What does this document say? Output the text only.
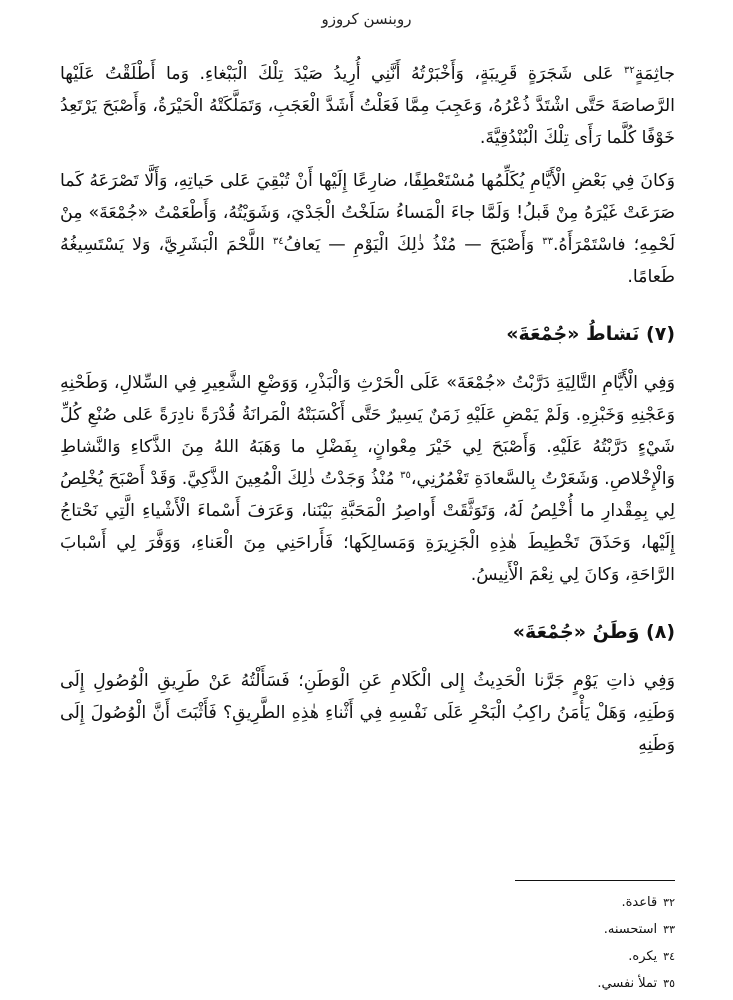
روبنسن كروزو

جاثِمَةٍ$^{٣٢}$ عَلى شَجَرَةٍ قَرِيبَةٍ، وَأَخْبَرْتُهُ أَنَّنِي أُرِيدُ صَيْدَ تِلْكَ الْبَبْغاءِ. وَما أَطْلَقْتُ عَلَيْها الرَّصاصَةَ حَتَّى اشْتَدَّ ذُعْرُهُ، وَعَجِبَ مِمَّا فَعَلْتُ أَشَدَّ الْعَجَبِ، وَتَمَلَّكَتْهُ الْحَيْرَةُ، وَأَصْبَحَ يَرْتَعِدُ خَوْفًا كُلَّما رَأَى تِلْكَ الْبُنْدُقِيَّةَ.

وَكانَ فِي بَعْضِ الْأَيَّامِ يُكَلِّمُها مُسْتَعْطِفًا، ضارِعًا إِلَيْها أَنْ تُبْقِيَ عَلى حَياتِهِ، وَأَلَّا تَصْرَعَهُ كَما صَرَعَتْ غَيْرَهُ مِنْ قَبلُ! وَلَمَّا جاءَ الْمَساءُ سَلَخْتُ الْجَدْيَ، وَشَوَيْتُهُ، وَأَطْعَمْتُ «جُمْعَةَ» مِنْ لَحْمِهِ؛ فاسْتَمْرَأَهُ.$^{٣٣}$ وَأَصْبَحَ — مُنْذُ ذٰلِكَ الْيَوْمِ — يَعافُ$^{٣٤}$ اللَّحْمَ الْبَشَرِيَّ، وَلا يَسْتَسِيغُهُ طَعامًا.

(٧) نَشاطُ «جُمْعَةَ»

وَفِي الْأَيَّامِ التَّالِيَةِ دَرَّبْتُ «جُمْعَةَ» عَلَى الْحَرْثِ وَالْبَذْرِ، وَوَضْعِ الشَّعِيرِ فِي السِّلالِ، وَطَحْنِهِ وَعَجْنِهِ وَخَبْزِهِ. وَلَمْ يَمْضِ عَلَيْهِ زَمَنٌ يَسِيرٌ حَتَّى أَكْسَبَتْهُ الْمَرانَةُ قُدْرَةً نادِرَةً عَلى صُنْعِ كُلِّ شَيْءٍ دَرَّبْتُهُ عَلَيْهِ. وَأَصْبَحَ لِي خَيْرَ مِعْوانٍ، بِفَضْلِ ما وَهَبَهُ اللهُ مِنَ الذَّكاءِ وَالنَّشاطِ وَالْإِخْلاصِ. وَشَعَرْتُ بِالسَّعادَةِ تَغْمُرُنِي،$^{٣٥}$ مُنْذُ وَجَدْتُ ذٰلِكَ الْمُعِينَ الذَّكِيَّ. وَقَدْ أَصْبَحَ يُخْلِصُ لِي بِمِقْدارِ ما أُخْلِصُ لَهُ، وَتَوَثَّقَتْ أَواصِرُ الْمَحَبَّةِ بَيْنَنا، وَعَرَفَ أَسْماءَ الْأَشْياءِ الَّتِي نَحْتاجُ إِلَيْها، وَحَذَقَ تَخْطِيطَ هٰذِهِ الْجَزِيرَةِ وَمَسالِكَها؛ فَأَراحَنِي مِنَ الْعَناءِ، وَوَفَّرَ لِي أَسْبابَ الرَّاحَةِ، وَكانَ لِي نِعْمَ الْأَنِيسُ.

(٨) وَطَنُ «جُمْعَةَ»

وَفِي ذاتِ يَوْمٍ جَرَّنا الْحَدِيثُ إِلى الْكَلامِ عَنِ الْوَطَنِ؛ فَسَأَلْتُهُ عَنْ طَرِيقِ الْوُصُولِ إِلَى وَطَنِهِ، وَهَلْ يَأْمَنُ راكِبُ الْبَحْرِ عَلَى نَفْسِهِ فِي أَثْناءِ هٰذِهِ الطَّرِيقِ؟ فَأَثْبَتَ أَنَّ الْوُصُولَ إِلَى وَطَنِهِ

٣٢قاعدة.

٣٣استحسنه.

٣٤يكره.

٣٥تملأ نفسي.
